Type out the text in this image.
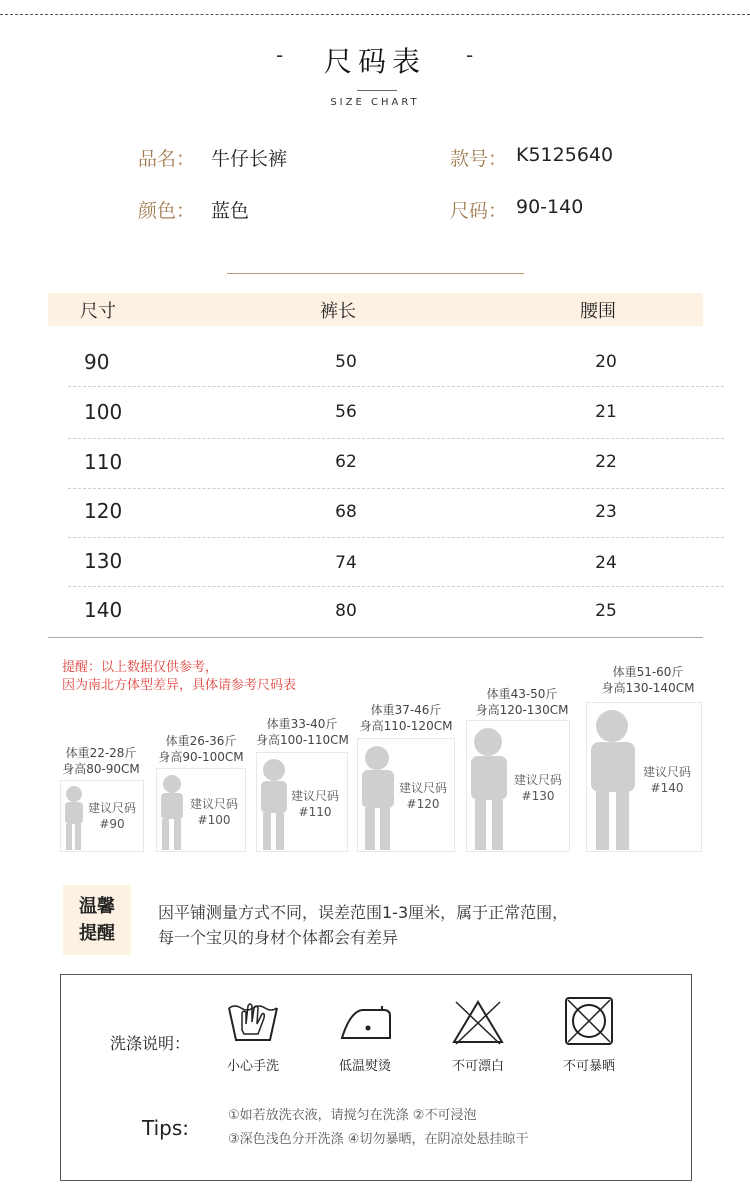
-	尺码表	-
SIZE CHART
品名： 牛仔长裤	款号： K5125640
颜色： 蓝色	尺码： 90-140
尺寸	裤长	腰围
90	50	20
100	56	21
110	62	22
120	68	23
130	74	24
140	80	25
提醒：以上数据仅供参考，
因为南北方体型差异，具体请参考尺码表
体重22-28斤
身高80-90CM
建议尺码
#90
体重26-36斤
身高90-100CM
建议尺码
#100
体重33-40斤
身高100-110CM
建议尺码
#110
体重37-46斤
身高110-120CM
建议尺码
#120
体重43-50斤
身高120-130CM
建议尺码
#130
体重51-60斤
身高130-140CM
建议尺码
#140
温馨
提醒
因平铺测量方式不同，误差范围1-3厘米，属于正常范围，
每一个宝贝的身材个体都会有差异
洗涤说明：
小心手洗	低温熨烫	不可漂白	不可暴晒
Tips:
①如若放洗衣液，请搅匀在洗涤 ②不可浸泡
③深色浅色分开洗涤 ④切勿暴晒，在阴凉处悬挂晾干
